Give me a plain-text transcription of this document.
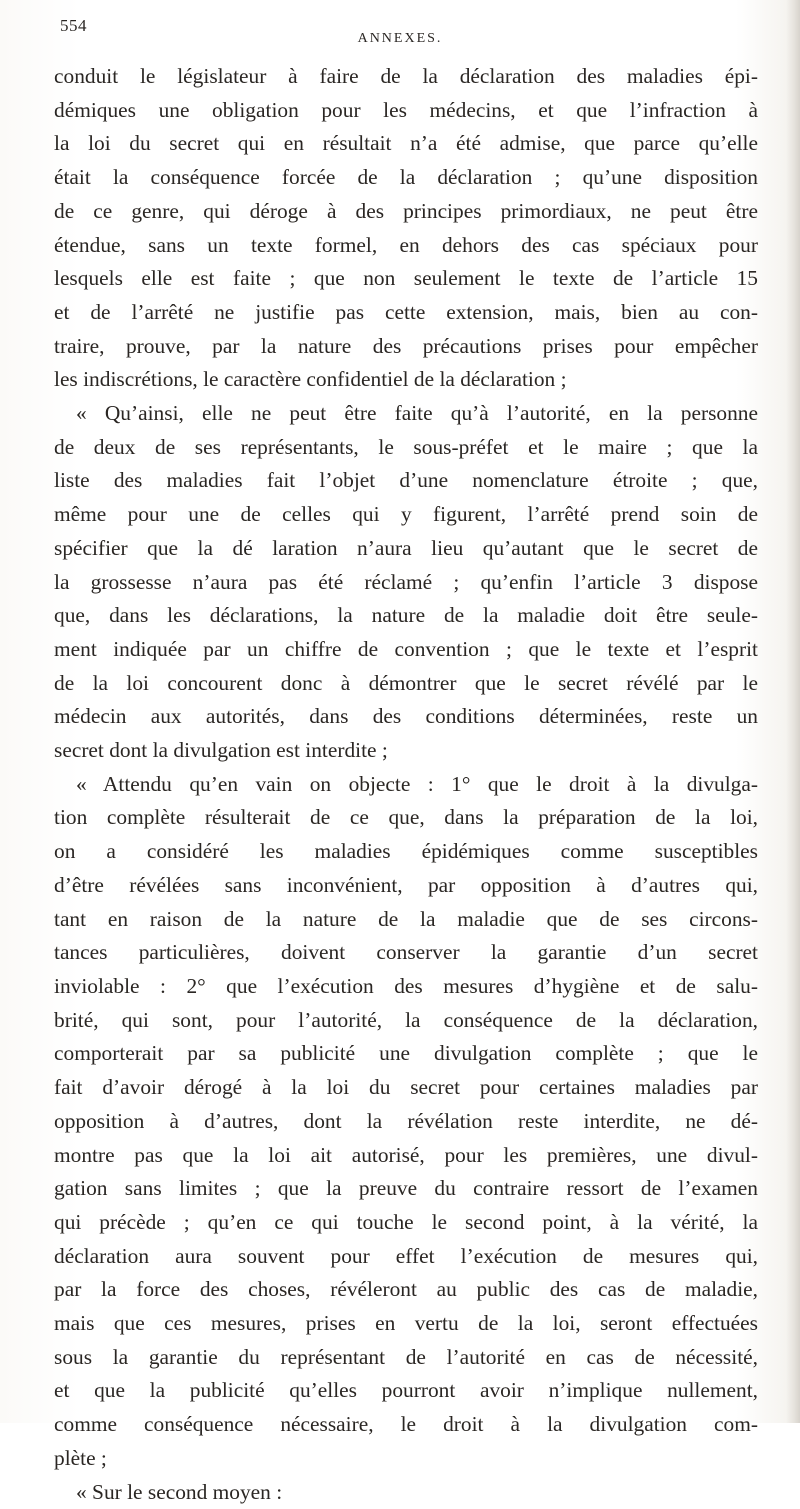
554
ANNEXES.
conduit le législateur à faire de la déclaration des maladies épi-
démiques une obligation pour les médecins, et que l’infraction à
la loi du secret qui en résultait n’a été admise, que parce qu’elle
était la conséquence forcée de la déclaration ; qu’une disposition
de ce genre, qui déroge à des principes primordiaux, ne peut être
étendue, sans un texte formel, en dehors des cas spéciaux pour
lesquels elle est faite ; que non seulement le texte de l’article 15
et de l’arrêté ne justifie pas cette extension, mais, bien au con-
traire, prouve, par la nature des précautions prises pour empêcher
les indiscrétions, le caractère confidentiel de la déclaration ;
« Qu’ainsi, elle ne peut être faite qu’à l’autorité, en la personne
de deux de ses représentants, le sous-préfet et le maire ; que la
liste des maladies fait l’objet d’une nomenclature étroite ; que,
même pour une de celles qui y figurent, l’arrêté prend soin de
spécifier que la dé laration n’aura lieu qu’autant que le secret de
la grossesse n’aura pas été réclamé ; qu’enfin l’article 3 dispose
que, dans les déclarations, la nature de la maladie doit être seule-
ment indiquée par un chiffre de convention ; que le texte et l’esprit
de la loi concourent donc à démontrer que le secret révélé par le
médecin aux autorités, dans des conditions déterminées, reste un
secret dont la divulgation est interdite ;
« Attendu qu’en vain on objecte : 1° que le droit à la divulga-
tion complète résulterait de ce que, dans la préparation de la loi,
on a considéré les maladies épidémiques comme susceptibles
d’être révélées sans inconvénient, par opposition à d’autres qui,
tant en raison de la nature de la maladie que de ses circons-
tances particulières, doivent conserver la garantie d’un secret
inviolable : 2° que l’exécution des mesures d’hygiène et de salu-
brité, qui sont, pour l’autorité, la conséquence de la déclaration,
comporterait par sa publicité une divulgation complète ; que le
fait d’avoir dérogé à la loi du secret pour certaines maladies par
opposition à d’autres, dont la révélation reste interdite, ne dé-
montre pas que la loi ait autorisé, pour les premières, une divul-
gation sans limites ; que la preuve du contraire ressort de l’examen
qui précède ; qu’en ce qui touche le second point, à la vérité, la
déclaration aura souvent pour effet l’exécution de mesures qui,
par la force des choses, révéleront au public des cas de maladie,
mais que ces mesures, prises en vertu de la loi, seront effectuées
sous la garantie du représentant de l’autorité en cas de nécessité,
et que la publicité qu’elles pourront avoir n’implique nullement,
comme conséquence nécessaire, le droit à la divulgation com-
plète ;
« Sur le second moyen :
